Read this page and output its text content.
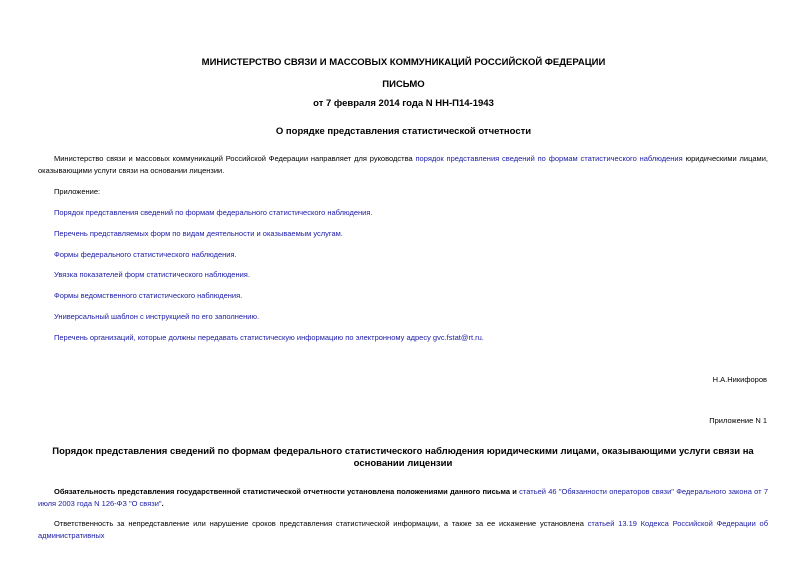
МИНИСТЕРСТВО СВЯЗИ И МАССОВЫХ КОММУНИКАЦИЙ РОССИЙСКОЙ ФЕДЕРАЦИИ
ПИСЬМО
от 7 февраля 2014 года N НН-П14-1943
О порядке представления статистической отчетности
Министерство связи и массовых коммуникаций Российской Федерации направляет для руководства порядок представления сведений по формам статистического наблюдения юридическими лицами, оказывающими услуги связи на основании лицензии.
Приложение:
Порядок представления сведений по формам федерального статистического наблюдения.
Перечень представляемых форм по видам деятельности и оказываемым услугам.
Формы федерального статистического наблюдения.
Увязка показателей форм статистического наблюдения.
Формы ведомственного статистического наблюдения.
Универсальный шаблон с инструкцией по его заполнению.
Перечень организаций, которые должны передавать статистическую информацию по электронному адресу gvc.fstat@rt.ru.
Н.А.Никифоров
Приложение N 1
Порядок представления сведений по формам федерального статистического наблюдения юридическими лицами, оказывающими услуги связи на основании лицензии
Обязательность представления государственной статистической отчетности установлена положениями данного письма и статьей 46 "Обязанности операторов связи" Федерального закона от 7 июля 2003 года N 126-ФЗ "О связи".
Ответственность за непредставление или нарушение сроков представления статистической информации, а также за ее искажение установлена статьей 13.19 Кодекса Российской Федерации об административных
